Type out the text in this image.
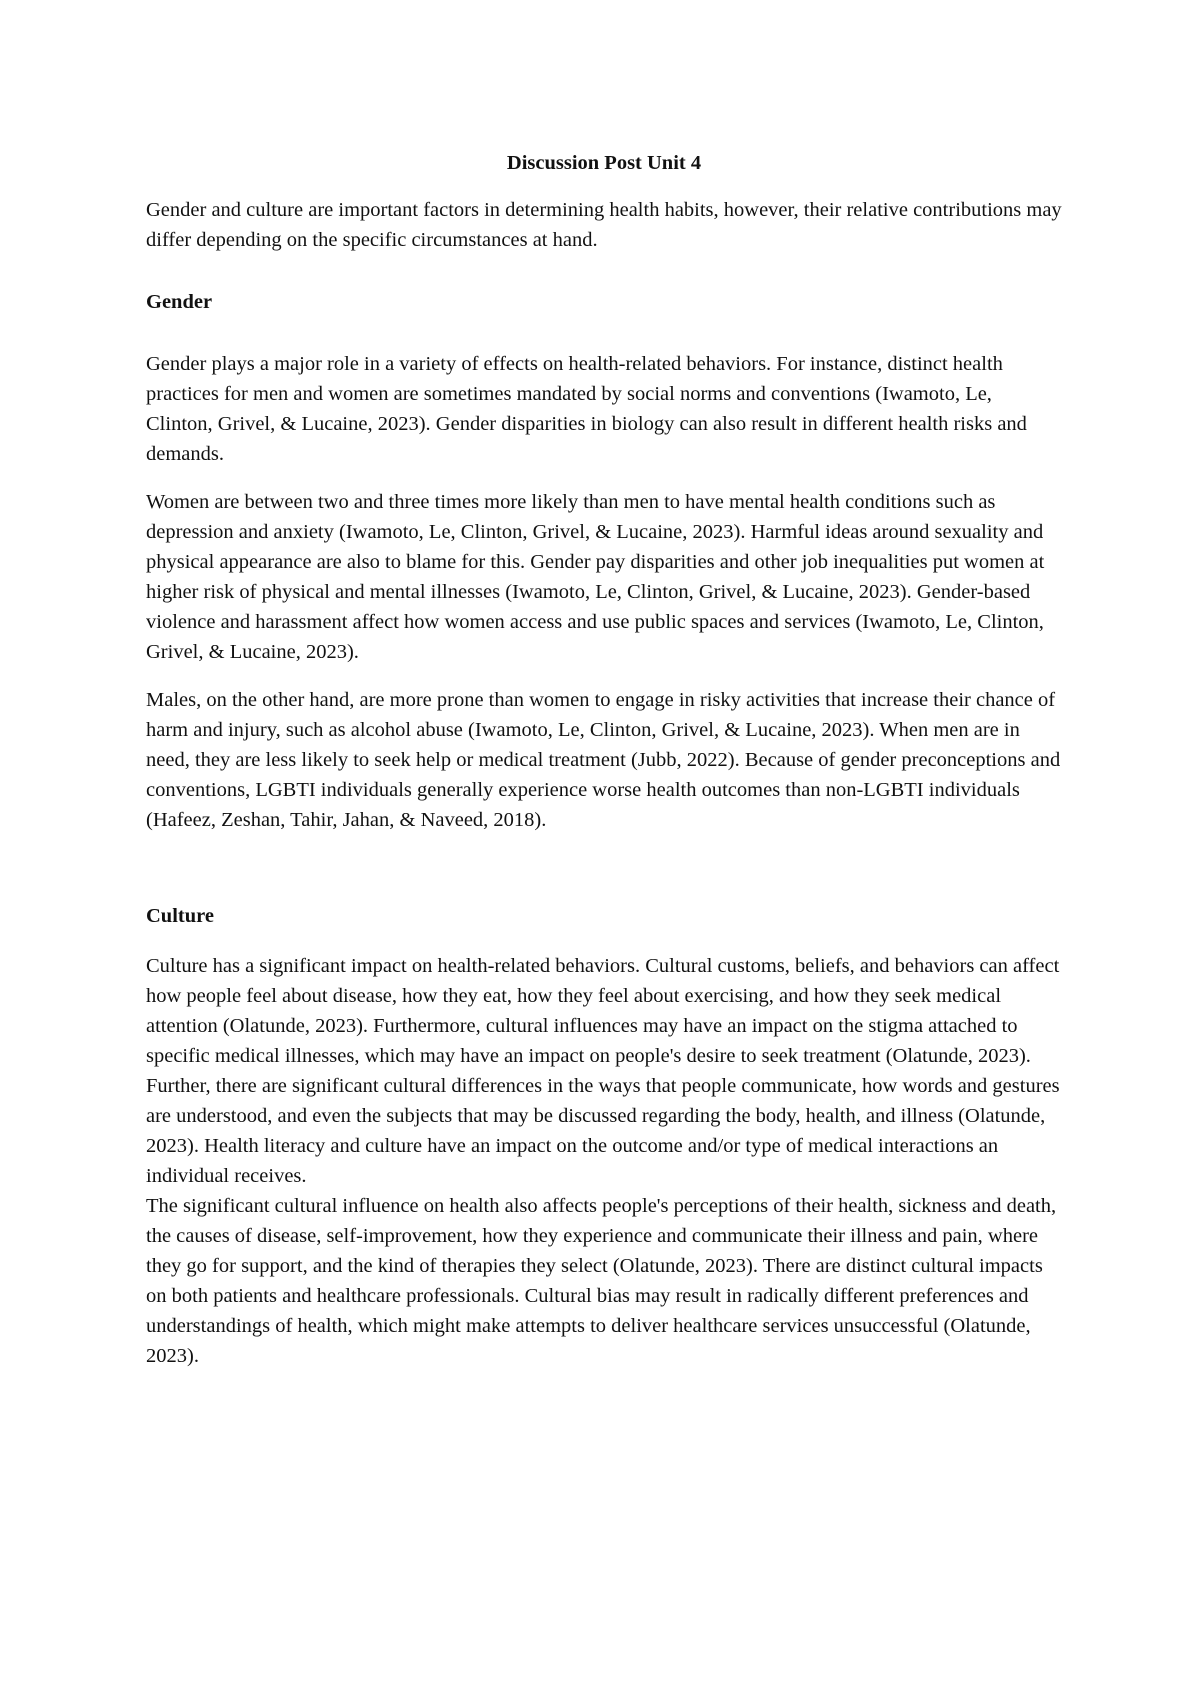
Discussion Post Unit 4

Gender and culture are important factors in determining health habits, however, their relative contributions may differ depending on the specific circumstances at hand.

Gender

Gender plays a major role in a variety of effects on health-related behaviors. For instance, distinct health practices for men and women are sometimes mandated by social norms and conventions (Iwamoto, Le, Clinton, Grivel, & Lucaine, 2023). Gender disparities in biology can also result in different health risks and demands.

Women are between two and three times more likely than men to have mental health conditions such as depression and anxiety (Iwamoto, Le, Clinton, Grivel, & Lucaine, 2023). Harmful ideas around sexuality and physical appearance are also to blame for this. Gender pay disparities and other job inequalities put women at higher risk of physical and mental illnesses (Iwamoto, Le, Clinton, Grivel, & Lucaine, 2023). Gender-based violence and harassment affect how women access and use public spaces and services (Iwamoto, Le, Clinton, Grivel, & Lucaine, 2023).

Males, on the other hand, are more prone than women to engage in risky activities that increase their chance of harm and injury, such as alcohol abuse (Iwamoto, Le, Clinton, Grivel, & Lucaine, 2023). When men are in need, they are less likely to seek help or medical treatment (Jubb, 2022). Because of gender preconceptions and conventions, LGBTI individuals generally experience worse health outcomes than non-LGBTI individuals (Hafeez, Zeshan, Tahir, Jahan, & Naveed, 2018).

Culture

Culture has a significant impact on health-related behaviors. Cultural customs, beliefs, and behaviors can affect how people feel about disease, how they eat, how they feel about exercising, and how they seek medical attention (Olatunde, 2023). Furthermore, cultural influences may have an impact on the stigma attached to specific medical illnesses, which may have an impact on people's desire to seek treatment (Olatunde, 2023). Further, there are significant cultural differences in the ways that people communicate, how words and gestures are understood, and even the subjects that may be discussed regarding the body, health, and illness (Olatunde, 2023). Health literacy and culture have an impact on the outcome and/or type of medical interactions an individual receives.

The significant cultural influence on health also affects people's perceptions of their health, sickness and death, the causes of disease, self-improvement, how they experience and communicate their illness and pain, where they go for support, and the kind of therapies they select (Olatunde, 2023). There are distinct cultural impacts on both patients and healthcare professionals. Cultural bias may result in radically different preferences and understandings of health, which might make attempts to deliver healthcare services unsuccessful (Olatunde, 2023).
